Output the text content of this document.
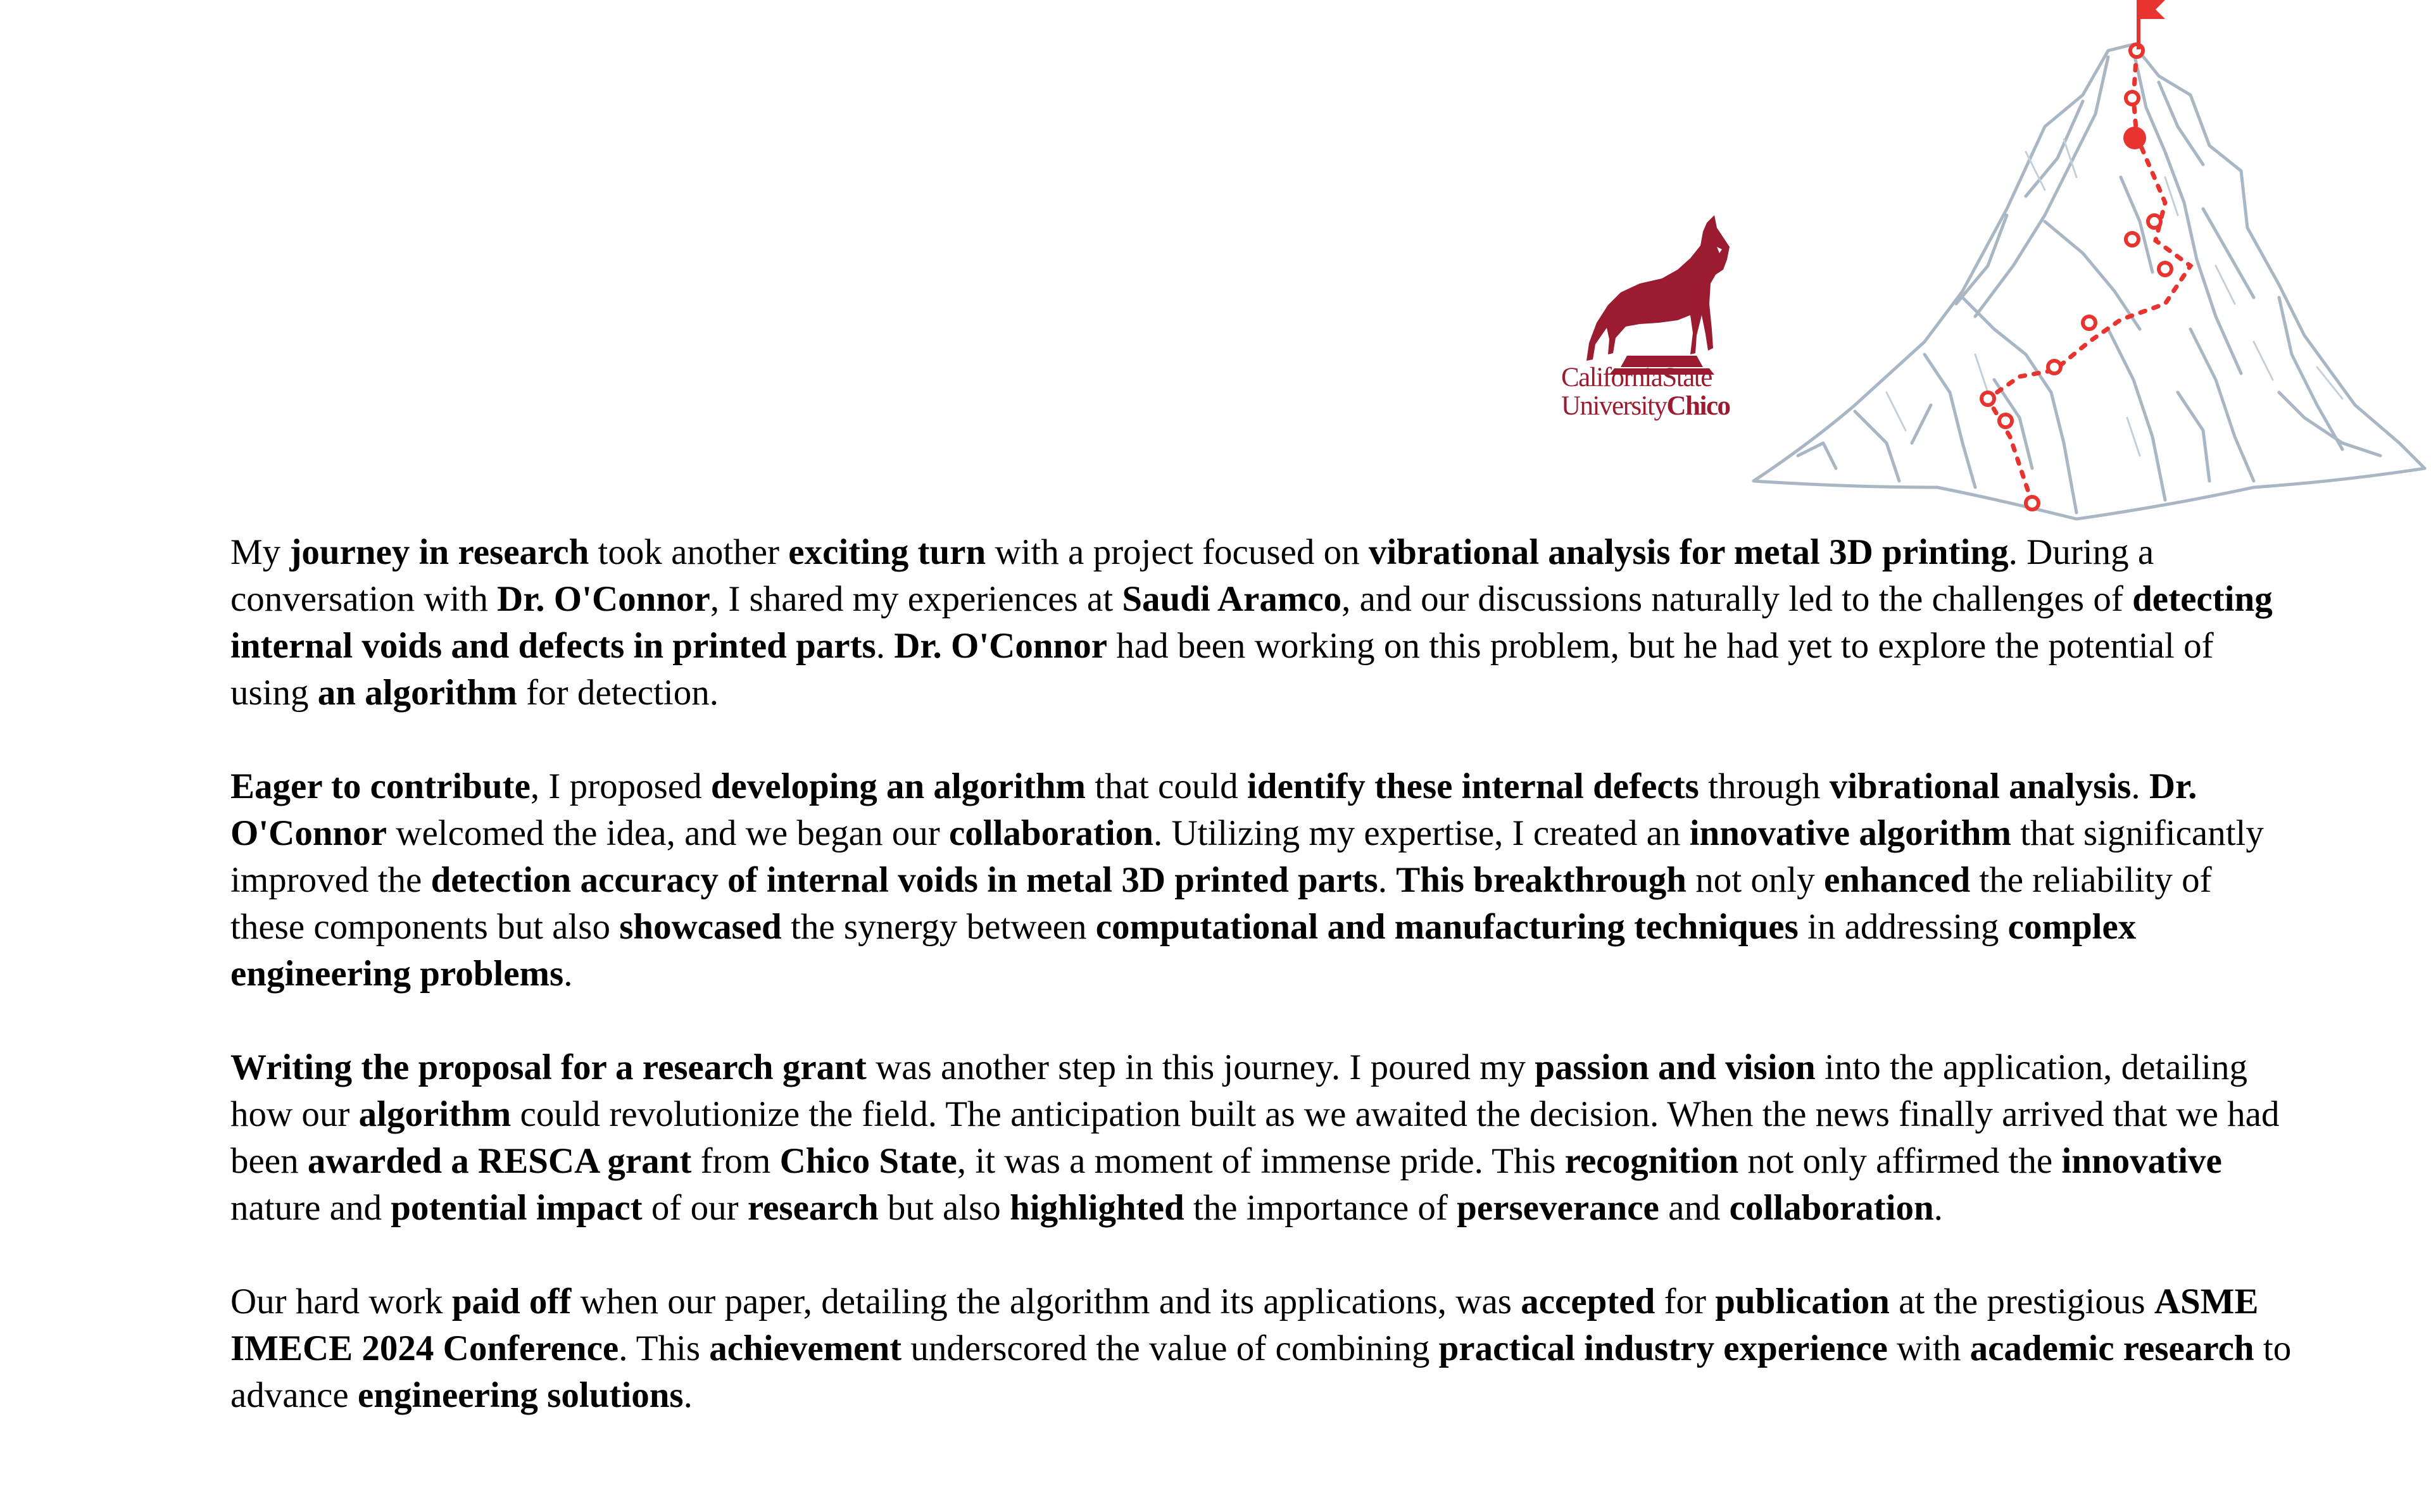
CaliforniaState
UniversityChico

My journey in research took another exciting turn with a project focused on vibrational analysis for metal 3D printing. During a conversation with Dr. O'Connor, I shared my experiences at Saudi Aramco, and our discussions naturally led to the challenges of detecting internal voids and defects in printed parts. Dr. O'Connor had been working on this problem, but he had yet to explore the potential of using an algorithm for detection.

Eager to contribute, I proposed developing an algorithm that could identify these internal defects through vibrational analysis. Dr. O'Connor welcomed the idea, and we began our collaboration. Utilizing my expertise, I created an innovative algorithm that significantly improved the detection accuracy of internal voids in metal 3D printed parts. This breakthrough not only enhanced the reliability of these components but also showcased the synergy between computational and manufacturing techniques in addressing complex engineering problems.

Writing the proposal for a research grant was another step in this journey. I poured my passion and vision into the application, detailing how our algorithm could revolutionize the field. The anticipation built as we awaited the decision. When the news finally arrived that we had been awarded a RESCA grant from Chico State, it was a moment of immense pride. This recognition not only affirmed the innovative nature and potential impact of our research but also highlighted the importance of perseverance and collaboration.

Our hard work paid off when our paper, detailing the algorithm and its applications, was accepted for publication at the prestigious ASME IMECE 2024 Conference. This achievement underscored the value of combining practical industry experience with academic research to advance engineering solutions.
